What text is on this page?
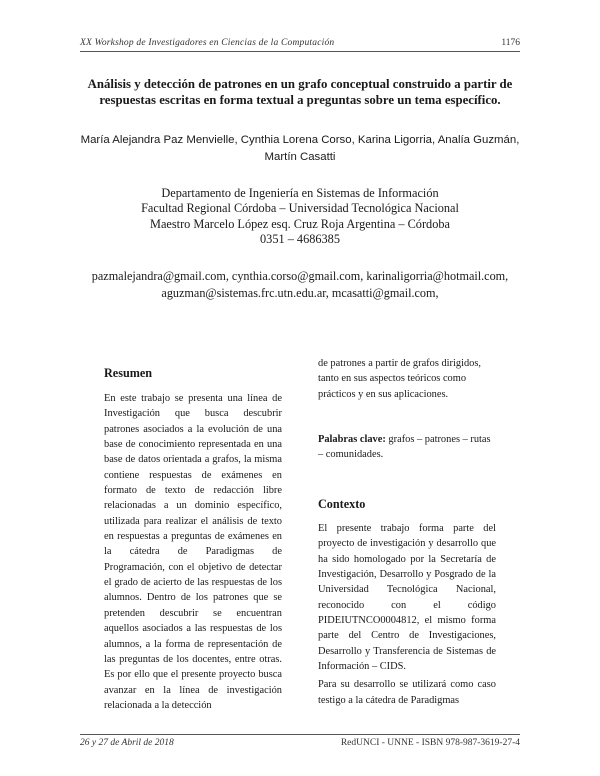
XX Workshop de Investigadores en Ciencias de la Computación	1176
Análisis y detección de patrones en un grafo conceptual construido a partir de respuestas escritas en forma textual a preguntas sobre un tema específico.
María Alejandra Paz Menvielle, Cynthia Lorena Corso, Karina Ligorria, Analía Guzmán, Martín Casatti
Departamento de Ingeniería en Sistemas de Información
Facultad Regional Córdoba – Universidad Tecnológica Nacional
Maestro Marcelo López esq. Cruz Roja Argentina – Córdoba
0351 – 4686385
pazmalejandra@gmail.com, cynthia.corso@gmail.com, karinaligorria@hotmail.com,
aguzman@sistemas.frc.utn.edu.ar, mcasatti@gmail.com,
Resumen

En este trabajo se presenta una línea de Investigación que busca descubrir patrones asociados a la evolución de una base de conocimiento representada en una base de datos orientada a grafos, la misma contiene respuestas de exámenes en formato de texto de redacción libre relacionadas a un dominio específico, utilizada para realizar el análisis de texto en respuestas a preguntas de exámenes en la cátedra de Paradigmas de Programación, con el objetivo de detectar el grado de acierto de las respuestas de los alumnos. Dentro de los patrones que se pretenden descubrir se encuentran aquellos asociados a las respuestas de los alumnos, a la forma de representación de las preguntas de los docentes, entre otras. Es por ello que el presente proyecto busca avanzar en la línea de investigación relacionada a la detección

de patrones a partir de grafos dirigidos, tanto en sus aspectos teóricos como prácticos y en sus aplicaciones.

Palabras clave: grafos – patrones – rutas – comunidades.
Contexto

El presente trabajo forma parte del proyecto de investigación y desarrollo que ha sido homologado por la Secretaría de Investigación, Desarrollo y Posgrado de la Universidad Tecnológica Nacional, reconocido con el código PIDEIUTNCO0004812, el mismo forma parte del Centro de Investigaciones, Desarrollo y Transferencia de Sistemas de Información – CIDS.

Para su desarrollo se utilizará como caso testigo a la cátedra de Paradigmas

26 y 27 de Abril de 2018	RedUNCI - UNNE - ISBN 978-987-3619-27-4
